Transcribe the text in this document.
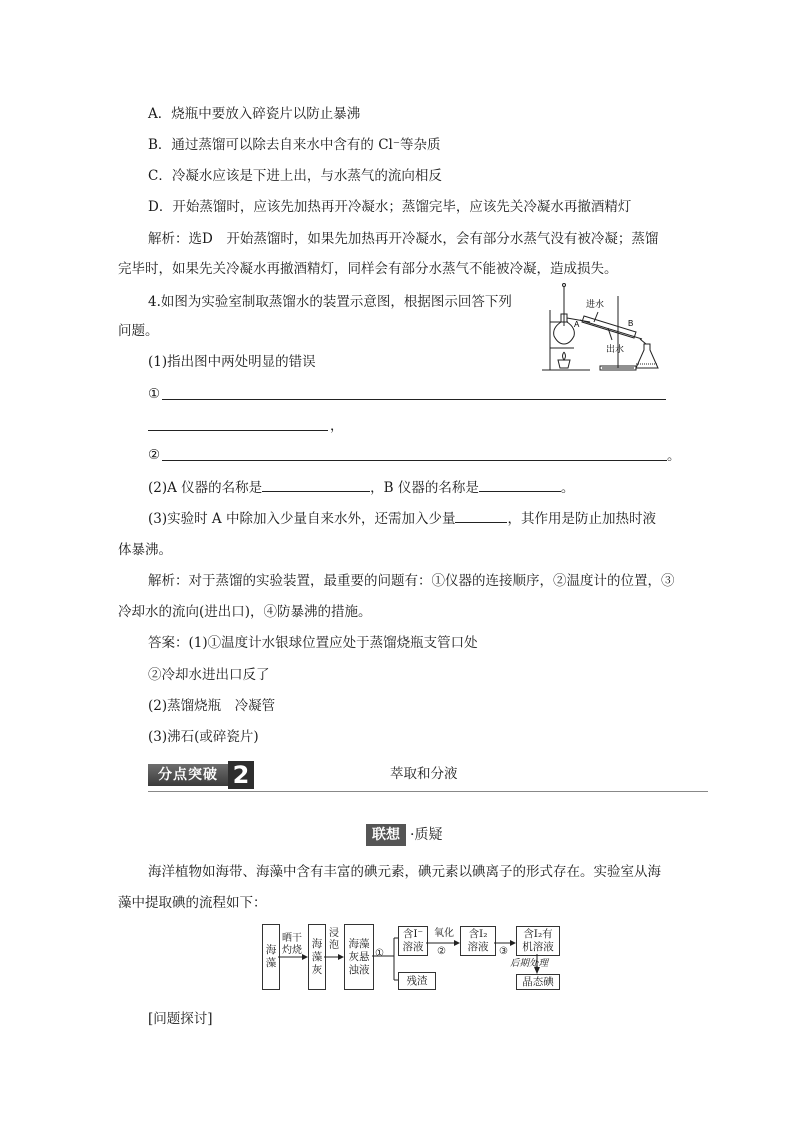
A．烧瓶中要放入碎瓷片以防止暴沸
B．通过蒸馏可以除去自来水中含有的 Cl⁻等杂质
C．冷凝水应该是下进上出，与水蒸气的流向相反
D．开始蒸馏时，应该先加热再开冷凝水；蒸馏完毕，应该先关冷凝水再撤酒精灯
解析：选D　开始蒸馏时，如果先加热再开冷凝水，会有部分水蒸气没有被冷凝；蒸馏
完毕时，如果先关冷凝水再撤酒精灯，同样会有部分水蒸气不能被冷凝，造成损失。
4.如图为实验室制取蒸馏水的装置示意图，根据图示回答下列
问题。
(1)指出图中两处明显的错误
①
，
②	。
(2)A 仪器的名称是	，B 仪器的名称是	。
(3)实验时 A 中除加入少量自来水外，还需加入少量	，其作用是防止加热时液
体暴沸。
进水
出水
A	B
解析：对于蒸馏的实验装置，最重要的问题有：①仪器的连接顺序，②温度计的位置，③
冷却水的流向(进出口)，④防暴沸的措施。
答案：(1)①温度计水银球位置应处于蒸馏烧瓶支管口处
②冷却水进出口反了
(2)蒸馏烧瓶　冷凝管
(3)沸石(或碎瓷片)
分点突破 2	萃取和分液
联想 ·质疑
海洋植物如海带、海藻中含有丰富的碘元素，碘元素以碘离子的形式存在。实验室从海
藻中提取碘的流程如下：
海藻
晒干
灼烧
海藻灰
浸泡 海藻
灰悬
浊液
①
含I⁻
溶液
残渣
氧化
②
含I₂
溶液	③
含I₂有
机溶液
后期处理
晶态碘
[问题探讨]
